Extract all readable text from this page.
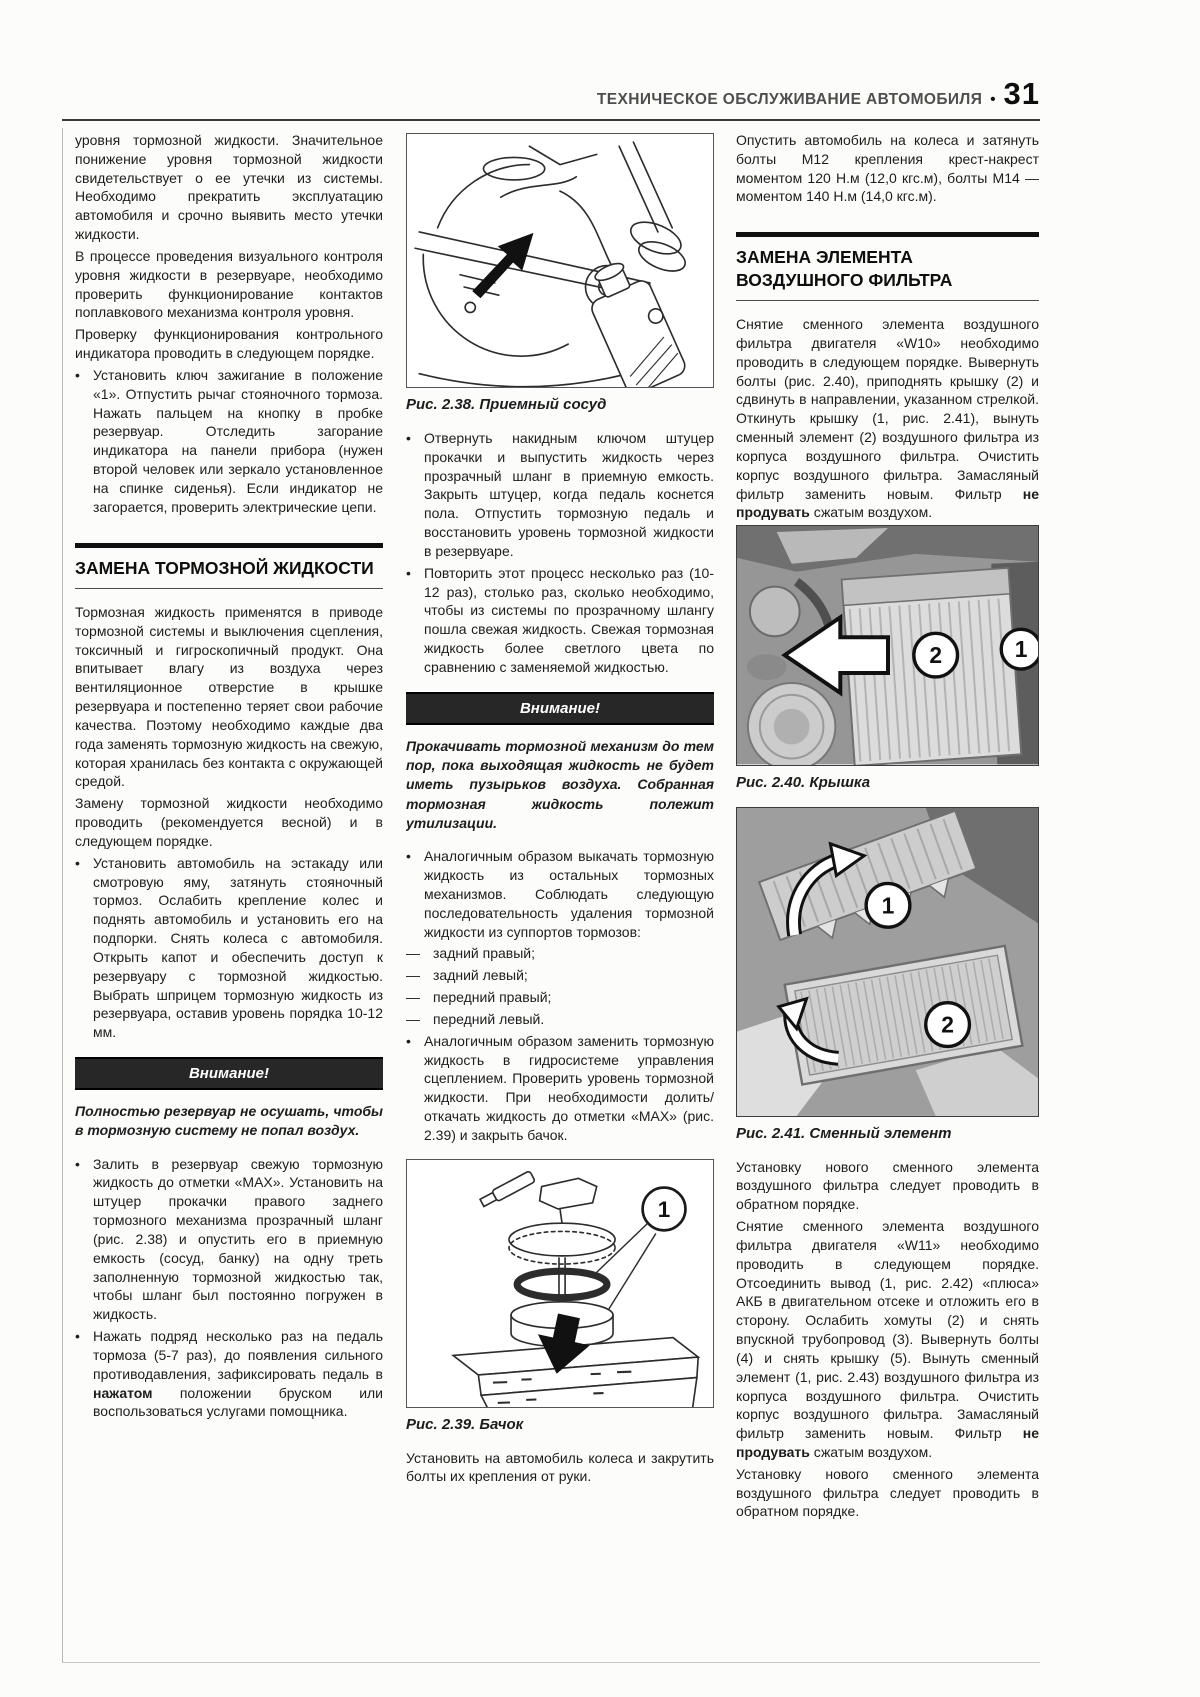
ТЕХНИЧЕСКОЕ ОБСЛУЖИВАНИЕ АВТОМОБИЛЯ • 31

уровня тормозной жидкости. Значительное понижение уровня тормозной жидкости свидетельствует о ее утечки из системы. Необходимо прекратить эксплуатацию автомобиля и срочно выявить место утечки жидкости.

В процессе проведения визуального контроля уровня жидкости в резервуаре, необходимо проверить функционирование контактов поплавкового механизма контроля уровня.

Проверку функционирования контрольного индикатора проводить в следующем порядке.

• Установить ключ зажигание в положение «1». Отпустить рычаг стояночного тормоза. Нажать пальцем на кнопку в пробке резервуар. Отследить загорание индикатора на панели прибора (нужен второй человек или зеркало установленное на спинке сиденья). Если индикатор не загорается, проверить электрические цепи.
ЗАМЕНА ТОРМОЗНОЙ ЖИДКОСТИ

Тормозная жидкость применятся в приводе тормозной системы и выключения сцепления, токсичный и гигроскопичный продукт. Она впитывает влагу из воздуха через вентиляционное отверстие в крышке резервуара и постепенно теряет свои рабочие качества. Поэтому необходимо каждые два года заменять тормозную жидкость на свежую, которая хранилась без контакта с окружающей средой.

Замену тормозной жидкости необходимо проводить (рекомендуется весной) и в следующем порядке.

• Установить автомобиль на эстакаду или смотровую яму, затянуть стояночный тормоз. Ослабить крепление колес и поднять автомобиль и установить его на подпорки. Снять колеса с автомобиля. Открыть капот и обеспечить доступ к резервуару с тормозной жидкостью. Выбрать шприцем тормозную жидкость из резервуара, оставив уровень порядка 10-12 мм.
Внимание!

Полностью резервуар не осушать, чтобы в тормозную систему не попал воздух.

• Залить в резервуар свежую тормозную жидкость до отметки «MAX». Установить на штуцер прокачки правого заднего тормозного механизма прозрачный шланг (рис. 2.38) и опустить его в приемную емкость (сосуд, банку) на одну треть заполненную тормозной жидкостью так, чтобы шланг был постоянно погружен в жидкость.
• Нажать подряд несколько раз на педаль тормоза (5-7 раз), до появления сильного противодавления, зафиксировать педаль в нажатом положении бруском или воспользоваться услугами помощника.

Рис. 2.38. Приемный сосуд

• Отвернуть накидным ключом штуцер прокачки и выпустить жидкость через прозрачный шланг в приемную емкость. Закрыть штуцер, когда педаль коснется пола. Отпустить тормозную педаль и восстановить уровень тормозной жидкости в резервуаре.
• Повторить этот процесс несколько раз (10-12 раз), столько раз, сколько необходимо, чтобы из системы по прозрачному шлангу пошла свежая жидкость. Свежая тормозная жидкость более светлого цвета по сравнению с заменяемой жидкостью.
Внимание!

Прокачивать тормозной механизм до тем пор, пока выходящая жидкость не будет иметь пузырьков воздуха. Собранная тормозная жидкость полежит утилизации.

• Аналогичным образом выкачать тормозную жидкость из остальных тормозных механизмов. Соблюдать следующую последовательность удаления тормозной жидкости из суппортов тормозов:
— задний правый;
— задний левый;
— передний правый;
— передний левый.
• Аналогичным образом заменить тормозную жидкость в гидросистеме управления сцеплением. Проверить уровень тормозной жидкости. При необходимости долить/откачать жидкость до отметки «MAX» (рис. 2.39) и закрыть бачок.
1

Рис. 2.39. Бачок

Установить на автомобиль колеса и закрутить болты их крепления от руки.

Опустить автомобиль на колеса и затянуть болты М12 крепления крест-накрест моментом 120 Н.м (12,0 кгс.м), болты М14 — моментом 140 Н.м (14,0 кгс.м).

ЗАМЕНА ЭЛЕМЕНТА ВОЗДУШНОГО ФИЛЬТРА

Снятие сменного элемента воздушного фильтра двигателя «W10» необходимо проводить в следующем порядке. Вывернуть болты (рис. 2.40), приподнять крышку (2) и сдвинуть в направлении, указанном стрелкой. Откинуть крышку (1, рис. 2.41), вынуть сменный элемент (2) воздушного фильтра из корпуса воздушного фильтра. Очистить корпус воздушного фильтра. Замасляный фильтр заменить новым. Фильтр не продувать сжатым воздухом.

2	1

Рис. 2.40. Крышка

1
2

Рис. 2.41. Сменный элемент

Установку нового сменного элемента воздушного фильтра следует проводить в обратном порядке.

Снятие сменного элемента воздушного фильтра двигателя «W11» необходимо проводить в следующем порядке. Отсоединить вывод (1, рис. 2.42) «плюса» АКБ в двигательном отсеке и отложить его в сторону. Ослабить хомуты (2) и снять впускной трубопровод (3). Вывернуть болты (4) и снять крышку (5). Вынуть сменный элемент (1, рис. 2.43) воздушного фильтра из корпуса воздушного фильтра. Очистить корпус воздушного фильтра. Замасляный фильтр заменить новым. Фильтр не продувать сжатым воздухом.

Установку нового сменного элемента воздушного фильтра следует проводить в обратном порядке.
